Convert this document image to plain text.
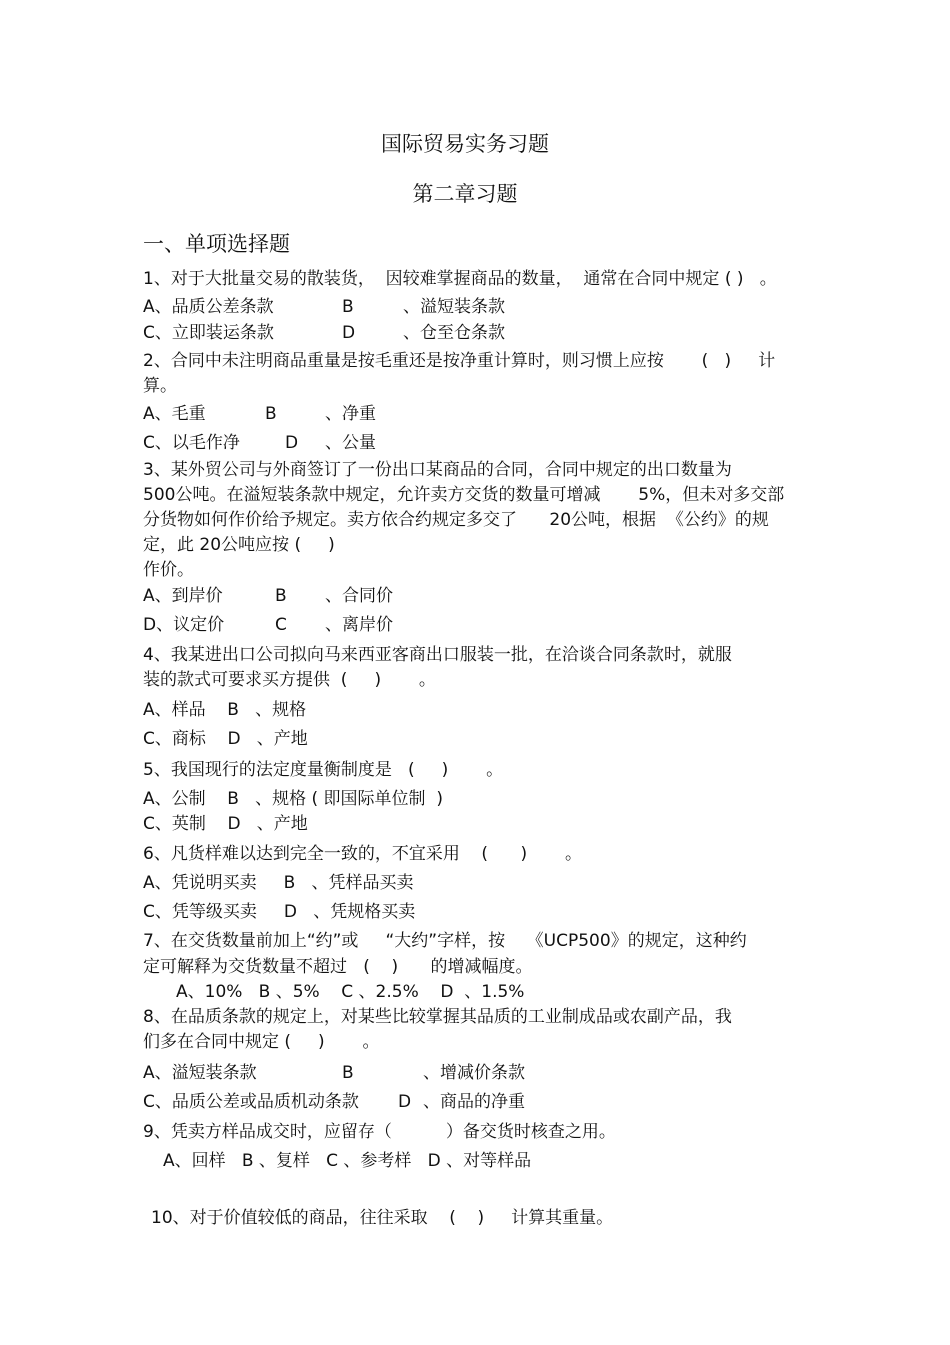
国际贸易实务习题
第二章习题
一、单项选择题
1、对于大批量交易的散装货，  因较难掌握商品的数量，  通常在合同中规定 ( )   。
A、品质公差条款	B	、溢短装条款
C、立即装运条款	D	、仓至仓条款
2、合同中未注明商品重量是按毛重还是按净重计算时，则习惯上应按       (   )     计
算。
A、毛重	B	、净重
C、以毛作净	D 、公量
3、某外贸公司与外商签订了一份出口某商品的合同，合同中规定的出口数量为
500公吨。在溢短装条款中规定，允许卖方交货的数量可增减       5%，但未对多交部
分货物如何作价给予规定。卖方依合约规定多交了      20公吨，根据  《公约》的规
定，此 20公吨应按 (     )
作价。
A、到岸价	B 、合同价
D、议定价	C 、离岸价
4、我某进出口公司拟向马来西亚客商出口服装一批，在洽谈合同条款时，就服
装的款式可要求买方提供  (     )       。
A、样品    B   、规格
C、商标    D   、产地
5、我国现行的法定度量衡制度是   (     )       。
A、公制    B   、规格 ( 即国际单位制  )
C、英制    D   、产地
6、凡货样难以达到完全一致的，不宜采用    (      )       。
A、凭说明买卖     B   、凭样品买卖
C、凭等级买卖     D   、凭规格买卖
7、在交货数量前加上“约”或     “大约”字样，按    《UCP500》的规定，这种约
定可解释为交货数量不超过   (    )      的增减幅度。
A、10%   B 、5%    C 、2.5%    D  、1.5%
8、在品质条款的规定上，对某些比较掌握其品质的工业制成品或农副产品，我
们多在合同中规定 (     )       。
A、溢短装条款	B	、增减价条款
C、品质公差或品质机动条款 D 、商品的净重
9、凭卖方样品成交时，应留存（          ）备交货时核查之用。
A、回样   B 、复样   C 、参考样   D 、对等样品
10、对于价值较低的商品，往往采取    (    )     计算其重量。
